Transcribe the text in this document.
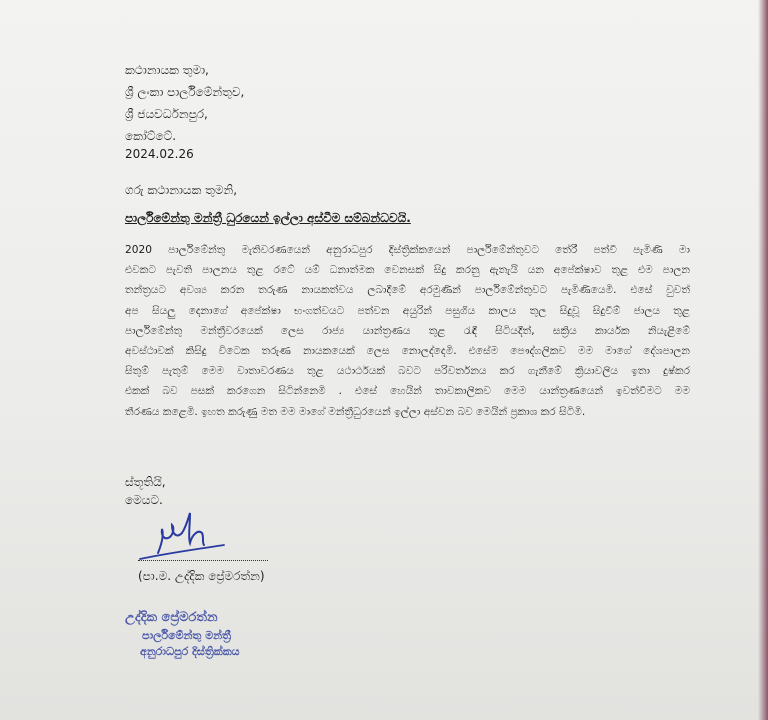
කථානායක තුමා,
ශ්‍රී ලංකා පාර්ලිමේන්තුව,
ශ්‍රී ජයවර්ධනපුර,
කෝට්ටේ.
2024.02.26
ගරු කථානායක තුමනි,
පාර්ලිමේන්තු මන්ත්‍රී ධුරයෙන් ඉල්ලා අස්වීම සම්බන්ධවයි.
2020 පාර්ලිමේන්තු මැතිවරණයෙන් අනුරාධපුර දිස්ත්‍රික්කයෙන් පාර්ලිමේන්තුවට තේරී පත්වී පැමිණි මා
එවකට පැවති පාලනය තුළ රටේ යම් ධනාත්මක වෙනසක් සිදු කරනු ඇතැයි යන අපේක්ෂාව තුළ එම පාලන
තන්ත්‍රයට අවශ්‍ය කරන තරුණ නායකත්වය ලබාදීමේ අරමුණින් පාර්ලිමේන්තුවට පැමිණියෙමි. එසේ වුවත්
අප සියලු දෙනාගේ අපේක්ෂා භංගත්වයට පත්වන අයුරින් පසුගිය කාලය තුල සිදුවූ සිදුවීම් ජාලය තුළ
පාර්ලිමේන්තු මන්ත්‍රීවරයෙක් ලෙස රාජ්‍ය යාන්ත්‍රණය තුළ රැඳී සිටියදීත්, සක්‍රිය කාර්යක නියැළීමේ
අවස්ථාවක් කිසිදු විටෙක තරුණ නායකයෙක් ලෙස නොලද්දෙමි. එසේම පෞද්ගලිකව මම මාගේ දේශපාලන
සිතුම් පැතුම් මෙම වාතාවරණය තුළ යථාර්ථයක් බවට පරිවර්තනය කර ගැනීමේ ක්‍රියාවලිය ඉතා දුෂ්කර
එකක් බව පසක් කරගෙන සිටින්නෙමි . එසේ හෙයින් තාවකාලිකව මෙම යාන්ත්‍රණයෙන් ඉවත්වීමට මම
තීරණය කළෙමි. ඉහත කරුණු මත මම මාගේ මන්ත්‍රීධුරයෙන් ඉල්ලා අස්වන බව මෙයින් ප්‍රකාශ කර සිටිමි.
ස්තූතියි,
මෙයට.
(පා.ම. උද්දික ප්‍රේමරත්න)
උද්දික ප්‍රේමරත්න
පාර්ලිමේන්තු මන්ත්‍රී
අනුරාධපුර දිස්ත්‍රික්කය
